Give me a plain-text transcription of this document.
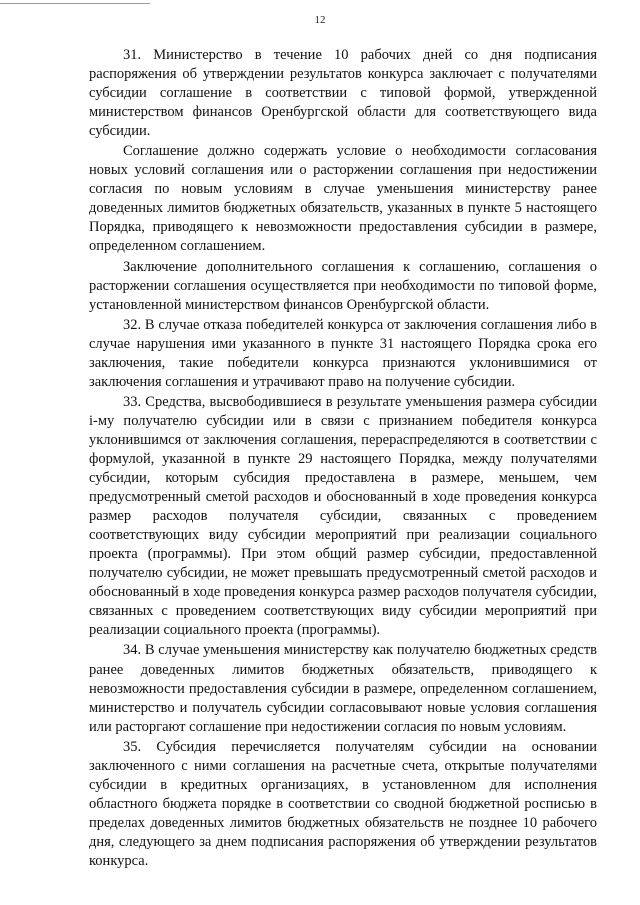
12

31. Министерство в течение 10 рабочих дней со дня подписания распоряжения об утверждении результатов конкурса заключает с получателями субсидии соглашение в соответствии с типовой формой, утвержденной министерством финансов Оренбургской области для соответствующего вида субсидии.

Соглашение должно содержать условие о необходимости согласования новых условий соглашения или о расторжении соглашения при недостижении согласия по новым условиям в случае уменьшения министерству ранее доведенных лимитов бюджетных обязательств, указанных в пункте 5 настоящего Порядка, приводящего к невозможности предоставления субсидии в размере, определенном соглашением.

Заключение дополнительного соглашения к соглашению, соглашения о расторжении соглашения осуществляется при необходимости по типовой форме, установленной министерством финансов Оренбургской области.

32. В случае отказа победителей конкурса от заключения соглашения либо в случае нарушения ими указанного в пункте 31 настоящего Порядка срока его заключения, такие победители конкурса признаются уклонившимися от заключения соглашения и утрачивают право на получение субсидии.

33. Средства, высвободившиеся в результате уменьшения размера субсидии i-му получателю субсидии или в связи с признанием победителя конкурса уклонившимся от заключения соглашения, перераспределяются в соответствии с формулой, указанной в пункте 29 настоящего Порядка, между получателями субсидии, которым субсидия предоставлена в размере, меньшем, чем предусмотренный сметой расходов и обоснованный в ходе проведения конкурса размер расходов получателя субсидии, связанных с проведением соответствующих виду субсидии мероприятий при реализации социального проекта (программы). При этом общий размер субсидии, предоставленной получателю субсидии, не может превышать предусмотренный сметой расходов и обоснованный в ходе проведения конкурса размер расходов получателя субсидии, связанных с проведением соответствующих виду субсидии мероприятий при реализации социального проекта (программы).

34. В случае уменьшения министерству как получателю бюджетных средств ранее доведенных лимитов бюджетных обязательств, приводящего к невозможности предоставления субсидии в размере, определенном соглашением, министерство и получатель субсидии согласовывают новые условия соглашения или расторгают соглашение при недостижении согласия по новым условиям.

35. Субсидия перечисляется получателям субсидии на основании заключенного с ними соглашения на расчетные счета, открытые получателями субсидии в кредитных организациях, в установленном для исполнения областного бюджета порядке в соответствии со сводной бюджетной росписью в пределах доведенных лимитов бюджетных обязательств не позднее 10 рабочего дня, следующего за днем подписания распоряжения об утверждении результатов конкурса.
